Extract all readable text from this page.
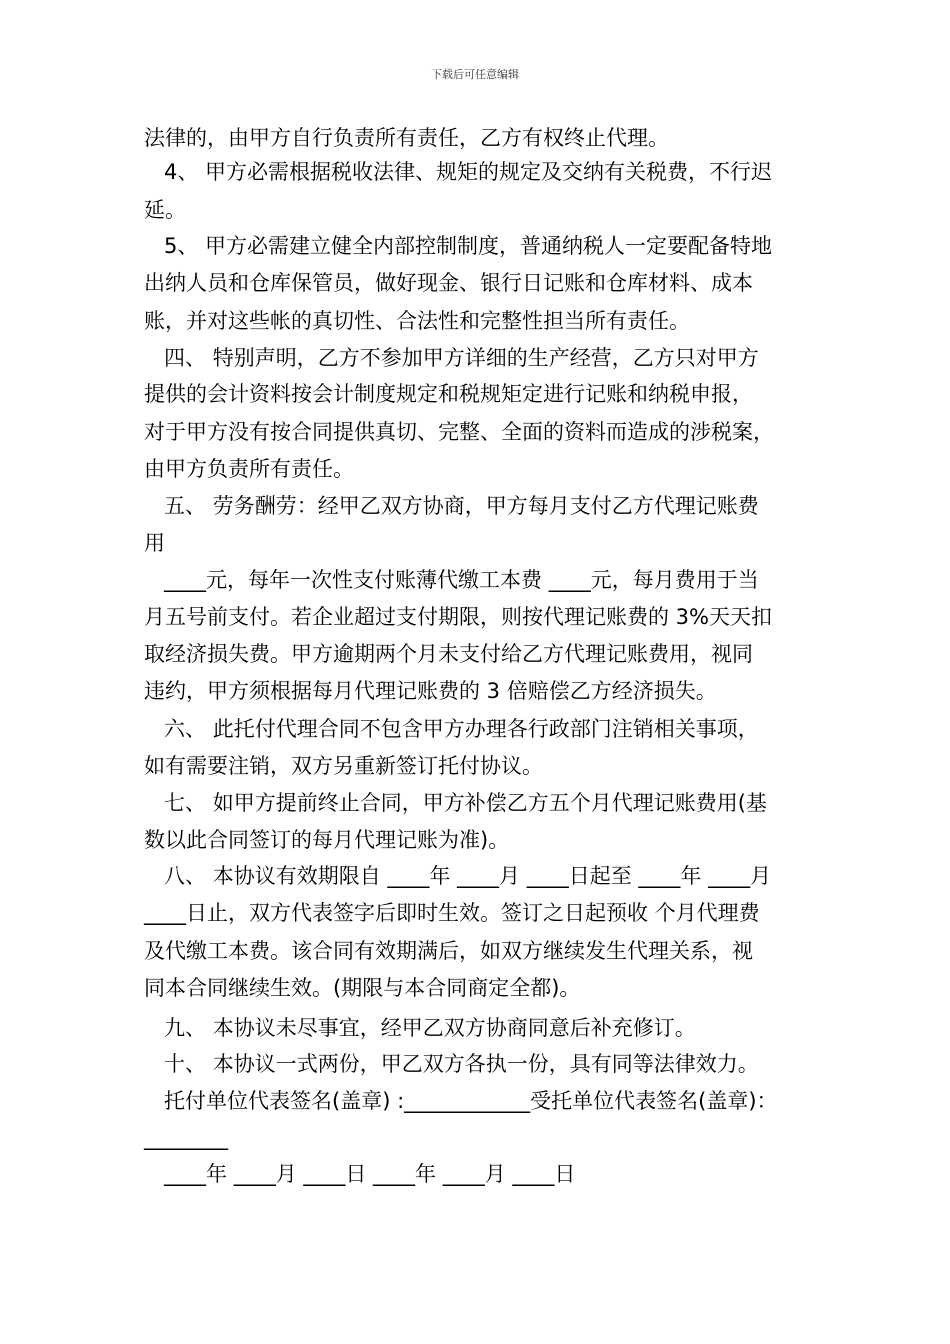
下载后可任意编辑
法律的，由甲方自行负责所有责任，乙方有权终止代理。
4、 甲方必需根据税收法律、规矩的规定及交纳有关税费，不行迟
延。
5、 甲方必需建立健全内部控制制度，普通纳税人一定要配备特地
出纳人员和仓库保管员，做好现金、银行日记账和仓库材料、成本
账，并对这些帐的真切性、合法性和完整性担当所有责任。
四、 特别声明，乙方不参加甲方详细的生产经营，乙方只对甲方
提供的会计资料按会计制度规定和税规矩定进行记账和纳税申报，
对于甲方没有按合同提供真切、完整、全面的资料而造成的涉税案，
由甲方负责所有责任。
五、 劳务酬劳：经甲乙双方协商，甲方每月支付乙方代理记账费
用
____元，每年一次性支付账薄代缴工本费 ____元，每月费用于当
月五号前支付。若企业超过支付期限，则按代理记账费的 3%天天扣
取经济损失费。甲方逾期两个月未支付给乙方代理记账费用，视同
违约，甲方须根据每月代理记账费的 3 倍赔偿乙方经济损失。
六、 此托付代理合同不包含甲方办理各行政部门注销相关事项，
如有需要注销，双方另重新签订托付协议。
七、 如甲方提前终止合同，甲方补偿乙方五个月代理记账费用(基
数以此合同签订的每月代理记账为准)。
八、 本协议有效期限自 ____年 ____月 ____日起至 ____年 ____月
____日止，双方代表签字后即时生效。签订之日起预收 个月代理费
及代缴工本费。该合同有效期满后，如双方继续发生代理关系，视
同本合同继续生效。(期限与本合同商定全都)。
九、 本协议未尽事宜，经甲乙双方协商同意后补充修订。
十、 本协议一式两份，甲乙双方各执一份，具有同等法律效力。
托付单位代表签名(盖章) :____________受托单位代表签名(盖章)：
________
____年 ____月 ____日 ____年 ____月 ____日
